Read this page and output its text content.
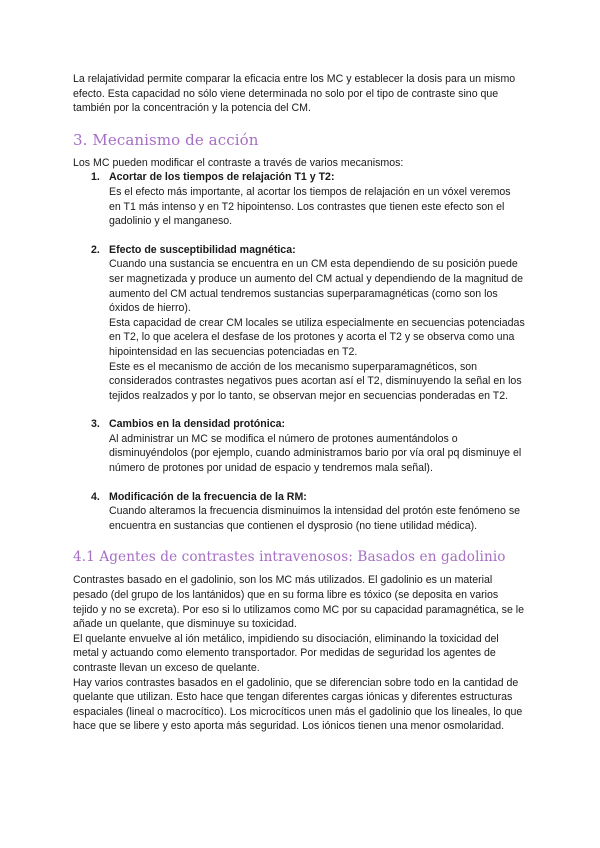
La relajatividad permite comparar la eficacia entre los MC y establecer la dosis para un mismo efecto. Esta capacidad no sólo viene determinada no solo por el tipo de contraste sino que también por la concentración y la potencia del CM.

3. Mecanismo de acción

Los MC pueden modificar el contraste a través de varios mecanismos:

1. Acortar de los tiempos de relajación T1 y T2:

Es el efecto más importante, al acortar los tiempos de relajación en un vóxel veremos en T1 más intenso y en T2 hipointenso. Los contrastes que tienen este efecto son el gadolinio y el manganeso.

2. Efecto de susceptibilidad magnética:

Cuando una sustancia se encuentra en un CM esta dependiendo de su posición puede ser magnetizada y produce un aumento del CM actual y dependiendo de la magnitud de aumento del CM actual tendremos sustancias superparamagnéticas (como son los óxidos de hierro).

Esta capacidad de crear CM locales se utiliza especialmente en secuencias potenciadas en T2, lo que acelera el desfase de los protones y acorta el T2 y se observa como una hipointensidad en las secuencias potenciadas en T2.

Este es el mecanismo de acción de los mecanismo superparamagnéticos, son considerados contrastes negativos pues acortan así el T2, disminuyendo la señal en los tejidos realzados y por lo tanto, se observan mejor en secuencias ponderadas en T2.

3. Cambios en la densidad protónica:

Al administrar un MC se modifica el número de protones aumentándolos o disminuyéndolos (por ejemplo, cuando administramos bario por vía oral pq disminuye el número de protones por unidad de espacio y tendremos mala señal).

4. Modificación de la frecuencia de la RM:

Cuando alteramos la frecuencia disminuimos la intensidad del protón este fenómeno se encuentra en sustancias que contienen el dysprosio (no tiene utilidad médica).

4.1 Agentes de contrastes intravenosos: Basados en gadolinio

Contrastes basado en el gadolinio, son los MC más utilizados. El gadolinio es un material pesado (del grupo de los lantánidos) que en su forma libre es tóxico (se deposita en varios tejido y no se excreta). Por eso si lo utilizamos como MC por su capacidad paramagnética, se le añade un quelante, que disminuye su toxicidad.

El quelante envuelve al ión metálico, impidiendo su disociación, eliminando la toxicidad del metal y actuando como elemento transportador. Por medidas de seguridad los agentes de contraste llevan un exceso de quelante.

Hay varios contrastes basados en el gadolinio, que se diferencian sobre todo en la cantidad de quelante que utilizan. Esto hace que tengan diferentes cargas iónicas y diferentes estructuras espaciales (lineal o macrocítico). Los microcíticos unen más el gadolinio que los lineales, lo que hace que se libere y esto aporta más seguridad. Los iónicos tienen una menor osmolaridad.
